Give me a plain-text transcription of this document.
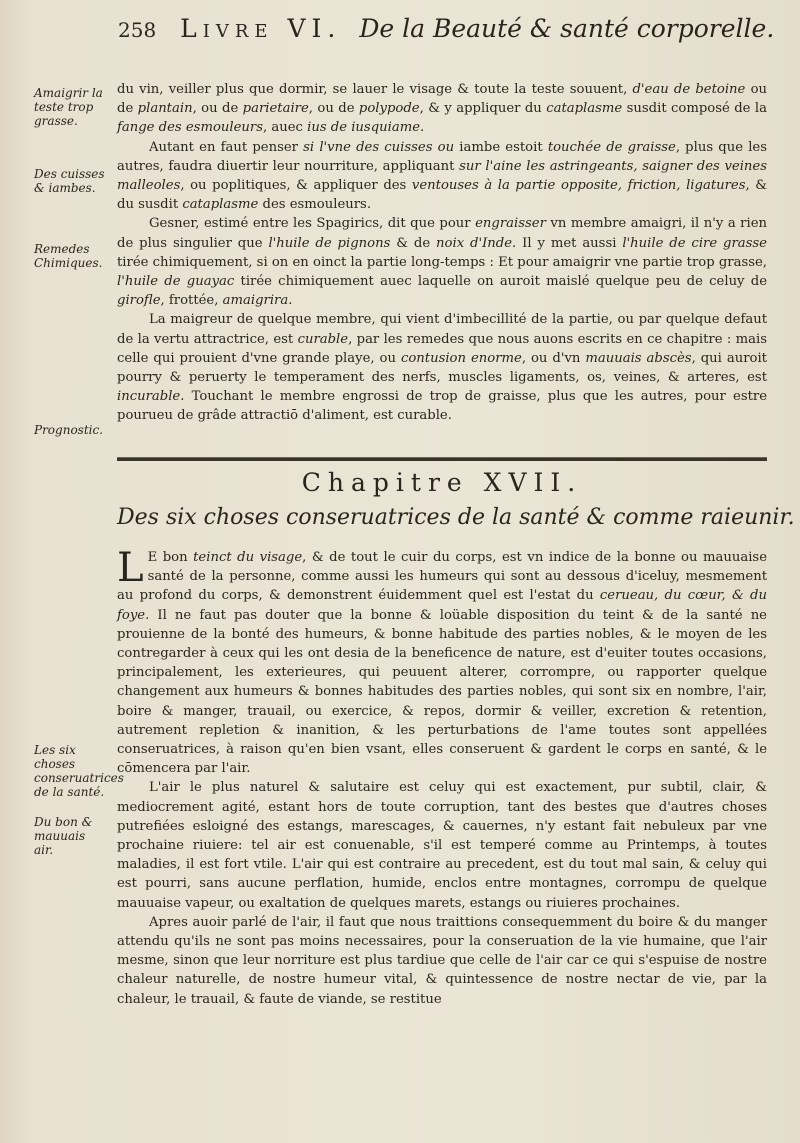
258 Livre VI. De la Beauté & santé corporelle.
Amaigrir la teste trop grasse.
Des cuisses & iambes.
Remedes Chimiques.
Prognostic.
Les six choses conseruatrices de la santé.
Du bon & mauuais air.

du vin, veiller plus que dormir, se lauer le visage & toute la teste souuent, d'eau de betoine ou de plantain, ou de parietaire, ou de polypode, & y appliquer du cataplasme susdit composé de la fange des esmouleurs, auec ius de iusquiame.

Autant en faut penser si l'vne des cuisses ou iambe estoit touchée de graisse, plus que les autres, faudra diuertir leur nourriture, appliquant sur l'aine les astringeants, saigner des veines malleoles, ou poplitiques, & appliquer des ventouses à la partie opposite, friction, ligatures, & du susdit cataplasme des esmouleurs.

Gesner, estimé entre les Spagirics, dit que pour engraisser vn membre amaigri, il n'y a rien de plus singulier que l'huile de pignons & de noix d'Inde. Il y met aussi l'huile de cire grasse tirée chimiquement, si on en oinct la partie long-temps : Et pour amaigrir vne partie trop grasse, l'huile de guayac tirée chimiquement auec laquelle on auroit maislé quelque peu de celuy de girofle, frottée, amaigrira.

La maigreur de quelque membre, qui vient d'imbecillité de la partie, ou par quelque defaut de la vertu attractrice, est curable, par les remedes que nous auons escrits en ce chapitre : mais celle qui prouient d'vne grande playe, ou contusion enorme, ou d'vn mauuais abscès, qui auroit pourry & peruerty le temperament des nerfs, muscles ligaments, os, veines, & arteres, est incurable. Touchant le membre engrossi de trop de graisse, plus que les autres, pour estre pourueu de grâde attractiō d'aliment, est curable.

Chapitre XVII.
Des six choses conseruatrices de la santé & comme raieunir.

L E bon teinct du visage, & de tout le cuir du corps, est vn indice de la bonne ou mauuaise santé de la personne, comme aussi les humeurs qui sont au dessous d'iceluy, mesmement au profond du corps, & demonstrent éuidemment quel est l'estat du cerueau, du cœur, & du foye. Il ne faut pas douter que la bonne & loüable disposition du teint & de la santé ne prouienne de la bonté des humeurs, & bonne habitude des parties nobles, & le moyen de les contregarder à ceux qui les ont desia de la beneficence de nature, est d'euiter toutes occasions, principalement, les exterieures, qui peuuent alterer, corrompre, ou rapporter quelque changement aux humeurs & bonnes habitudes des parties nobles, qui sont six en nombre, l'air, boire & manger, trauail, ou exercice, & repos, dormir & veiller, excretion & retention, autrement repletion & inanition, & les perturbations de l'ame toutes sont appellées conseruatrices, à raison qu'en bien vsant, elles conseruent & gardent le corps en santé, & le cōmencera par l'air.

L'air le plus naturel & salutaire est celuy qui est exactement, pur subtil, clair, & mediocrement agité, estant hors de toute corruption, tant des bestes que d'autres choses putrefiées esloigné des estangs, marescages, & cauernes, n'y estant fait nebuleux par vne prochaine riuiere: tel air est conuenable, s'il est temperé comme au Printemps, à toutes maladies, il est fort vtile. L'air qui est contraire au precedent, est du tout mal sain, & celuy qui est pourri, sans aucune perflation, humide, enclos entre montagnes, corrompu de quelque mauuaise vapeur, ou exaltation de quelques marets, estangs ou riuieres prochaines.

Apres auoir parlé de l'air, il faut que nous traittions consequemment du boire & du manger attendu qu'ils ne sont pas moins necessaires, pour la conseruation de la vie humaine, que l'air mesme, sinon que leur norriture est plus tardiue que celle de l'air car ce qui s'espuise de nostre chaleur naturelle, de nostre humeur vital, & quintessence de nostre nectar de vie, par la chaleur, le trauail, & faute de viande, se restitue
